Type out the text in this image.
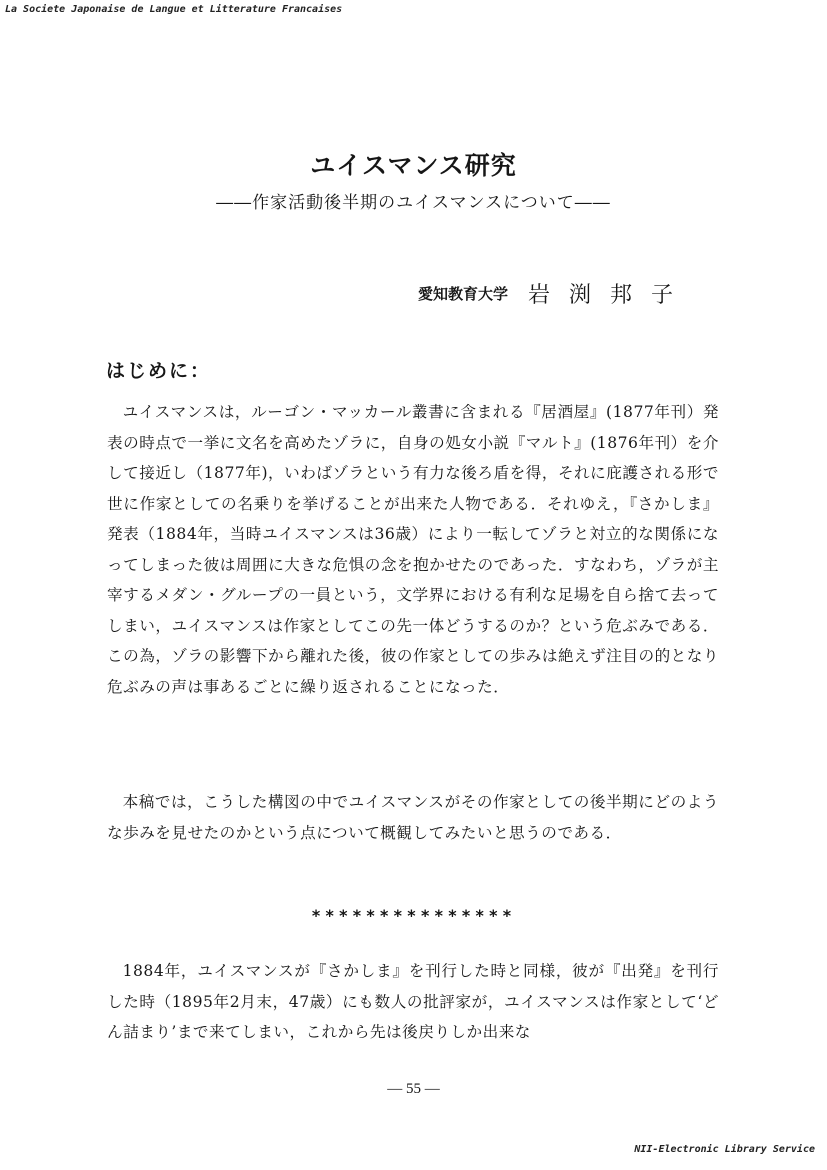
La Societe Japonaise de Langue et Litterature Francaises
ユイスマンス研究
――作家活動後半期のユイスマンスについて――
愛知教育大学 岩渕邦子
はじめに：

ユイスマンスは，ルーゴン・マッカール叢書に含まれる『居酒屋』(1877年刊）発表の時点で一挙に文名を高めたゾラに，自身の処女小説『マルト』(1876年刊）を介して接近し（1877年)，いわばゾラという有力な後ろ盾を得，それに庇護される形で世に作家としての名乗りを挙げることが出来た人物である．それゆえ，『さかしま』発表（1884年，当時ユイスマンスは36歳）により一転してゾラと対立的な関係になってしまった彼は周囲に大きな危惧の念を抱かせたのであった．すなわち，ゾラが主宰するメダン・グループの一員という，文学界における有利な足場を自ら捨て去ってしまい，ユイスマンスは作家としてこの先一体どうするのか？という危ぶみである．この為，ゾラの影響下から離れた後，彼の作家としての歩みは絶えず注目の的となり危ぶみの声は事あるごとに繰り返されることになった．

本稿では，こうした構図の中でユイスマンスがその作家としての後半期にどのような歩みを見せたのかという点について概観してみたいと思うのである．

***************

1884年，ユイスマンスが『さかしま』を刊行した時と同様，彼が『出発』を刊行した時（1895年2月末，47歳）にも数人の批評家が，ユイスマンスは作家として‘どん詰まり’まで来てしまい，これから先は後戻りしか出来な

— 55 —
NII-Electronic Library Service
